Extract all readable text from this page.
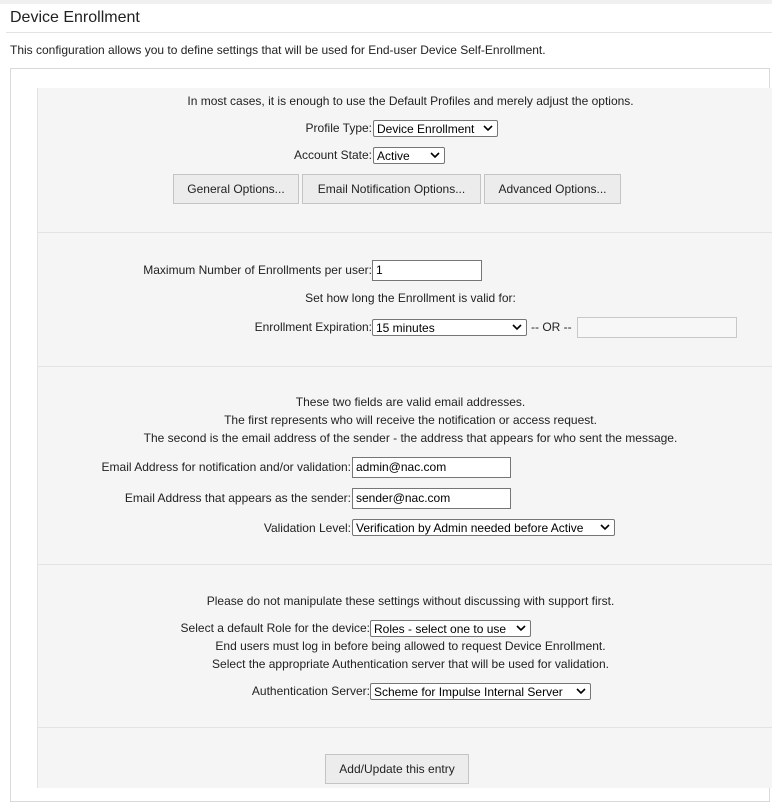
Device Enrollment
This configuration allows you to define settings that will be used for End-user Device Self-Enrollment.
In most cases, it is enough to use the Default Profiles and merely adjust the options.
Profile Type: Device Enrollment
Account State: Active
General Options...	Email Notification Options...	Advanced Options...
Maximum Number of Enrollments per user: 1
Set how long the Enrollment is valid for:
Enrollment Expiration: 15 minutes	-- OR --
These two fields are valid email addresses.
The first represents who will receive the notification or access request.
The second is the email address of the sender - the address that appears for who sent the message.
Email Address for notification and/or validation: admin@nac.com
Email Address that appears as the sender: sender@nac.com
Validation Level: Verification by Admin needed before Active
Please do not manipulate these settings without discussing with support first.
Select a default Role for the device: Roles - select one to use
End users must log in before being allowed to request Device Enrollment.
Select the appropriate Authentication server that will be used for validation.
Authentication Server: Scheme for Impulse Internal Server
Add/Update this entry
